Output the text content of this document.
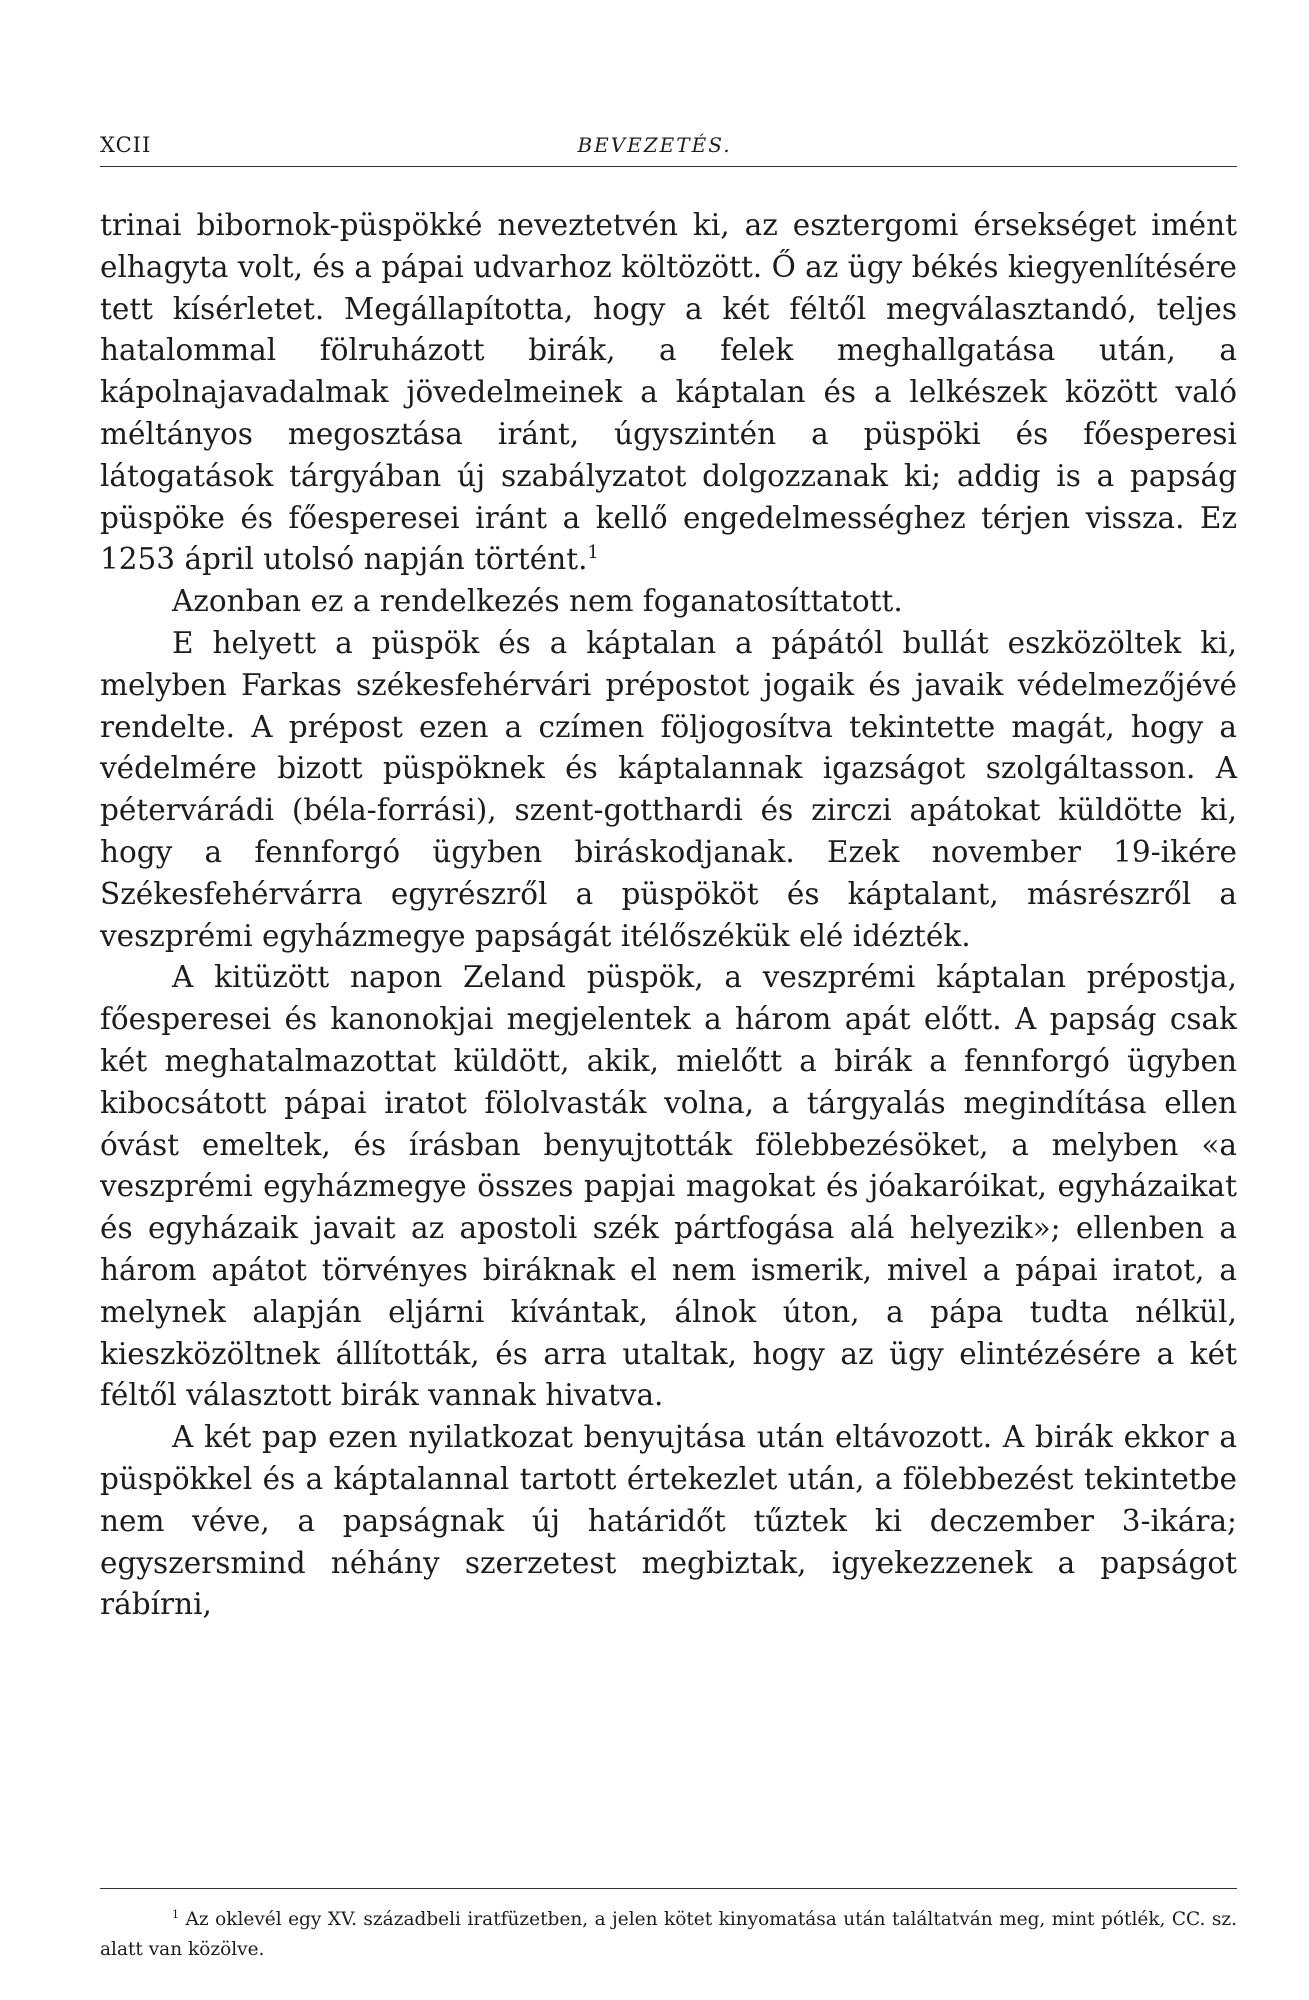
XCII	BEVEZETÉS.

trinai bibornok-püspökké neveztetvén ki, az esztergomi érsekséget imént elhagyta volt, és a pápai udvarhoz költözött. Ő az ügy békés kiegyenlítésére tett kísérletet. Megállapította, hogy a két féltől megválasztandó, teljes hatalommal fölruházott birák, a felek meghallgatása után, a kápolnajavadalmak jövedelmeinek a káptalan és a lelkészek között való méltányos megosztása iránt, úgyszintén a püspöki és főesperesi látogatások tárgyában új szabályzatot dolgozzanak ki; addig is a papság püspöke és főesperesei iránt a kellő engedelmességhez térjen vissza. Ez 1253 ápril utolsó napján történt.$^1$

Azonban ez a rendelkezés nem foganatosíttatott.

E helyett a püspök és a káptalan a pápától bullát eszközöltek ki, melyben Farkas székesfehérvári prépostot jogaik és javaik védelmezőjévé rendelte. A prépost ezen a czímen följogosítva tekintette magát, hogy a védelmére bizott püspöknek és káptalannak igazságot szolgáltasson. A pétervárádi (béla-forrási), szent-gotthardi és zirczi apátokat küldötte ki, hogy a fennforgó ügyben biráskodjanak. Ezek november 19-ikére Székesfehérvárra egyrészről a püspököt és káptalant, másrészről a veszprémi egyházmegye papságát itélőszékük elé idézték.

A kitüzött napon Zeland püspök, a veszprémi káptalan prépostja, főesperesei és kanonokjai megjelentek a három apát előtt. A papság csak két meghatalmazottat küldött, akik, mielőtt a birák a fennforgó ügyben kibocsátott pápai iratot fölolvasták volna, a tárgyalás megindítása ellen óvást emeltek, és írásban benyujtották fölebbezésöket, a melyben «a veszprémi egyházmegye összes papjai magokat és jóakaróikat, egyházaikat és egyházaik javait az apostoli szék pártfogása alá helyezik»; ellenben a három apátot törvényes biráknak el nem ismerik, mivel a pápai iratot, a melynek alapján eljárni kívántak, álnok úton, a pápa tudta nélkül, kieszközöltnek állították, és arra utaltak, hogy az ügy elintézésére a két féltől választott birák vannak hivatva.

A két pap ezen nyilatkozat benyujtása után eltávozott. A birák ekkor a püspökkel és a káptalannal tartott értekezlet után, a fölebbezést tekintetbe nem véve, a papságnak új határidőt tűztek ki deczember 3-ikára; egyszersmind néhány szerzetest megbiztak, igyekezzenek a papságot rábírni,

$^1$ Az oklevél egy XV. századbeli iratfüzetben, a jelen kötet kinyomatása után találtatván meg, mint pótlék, CC. sz. alatt van közölve.
